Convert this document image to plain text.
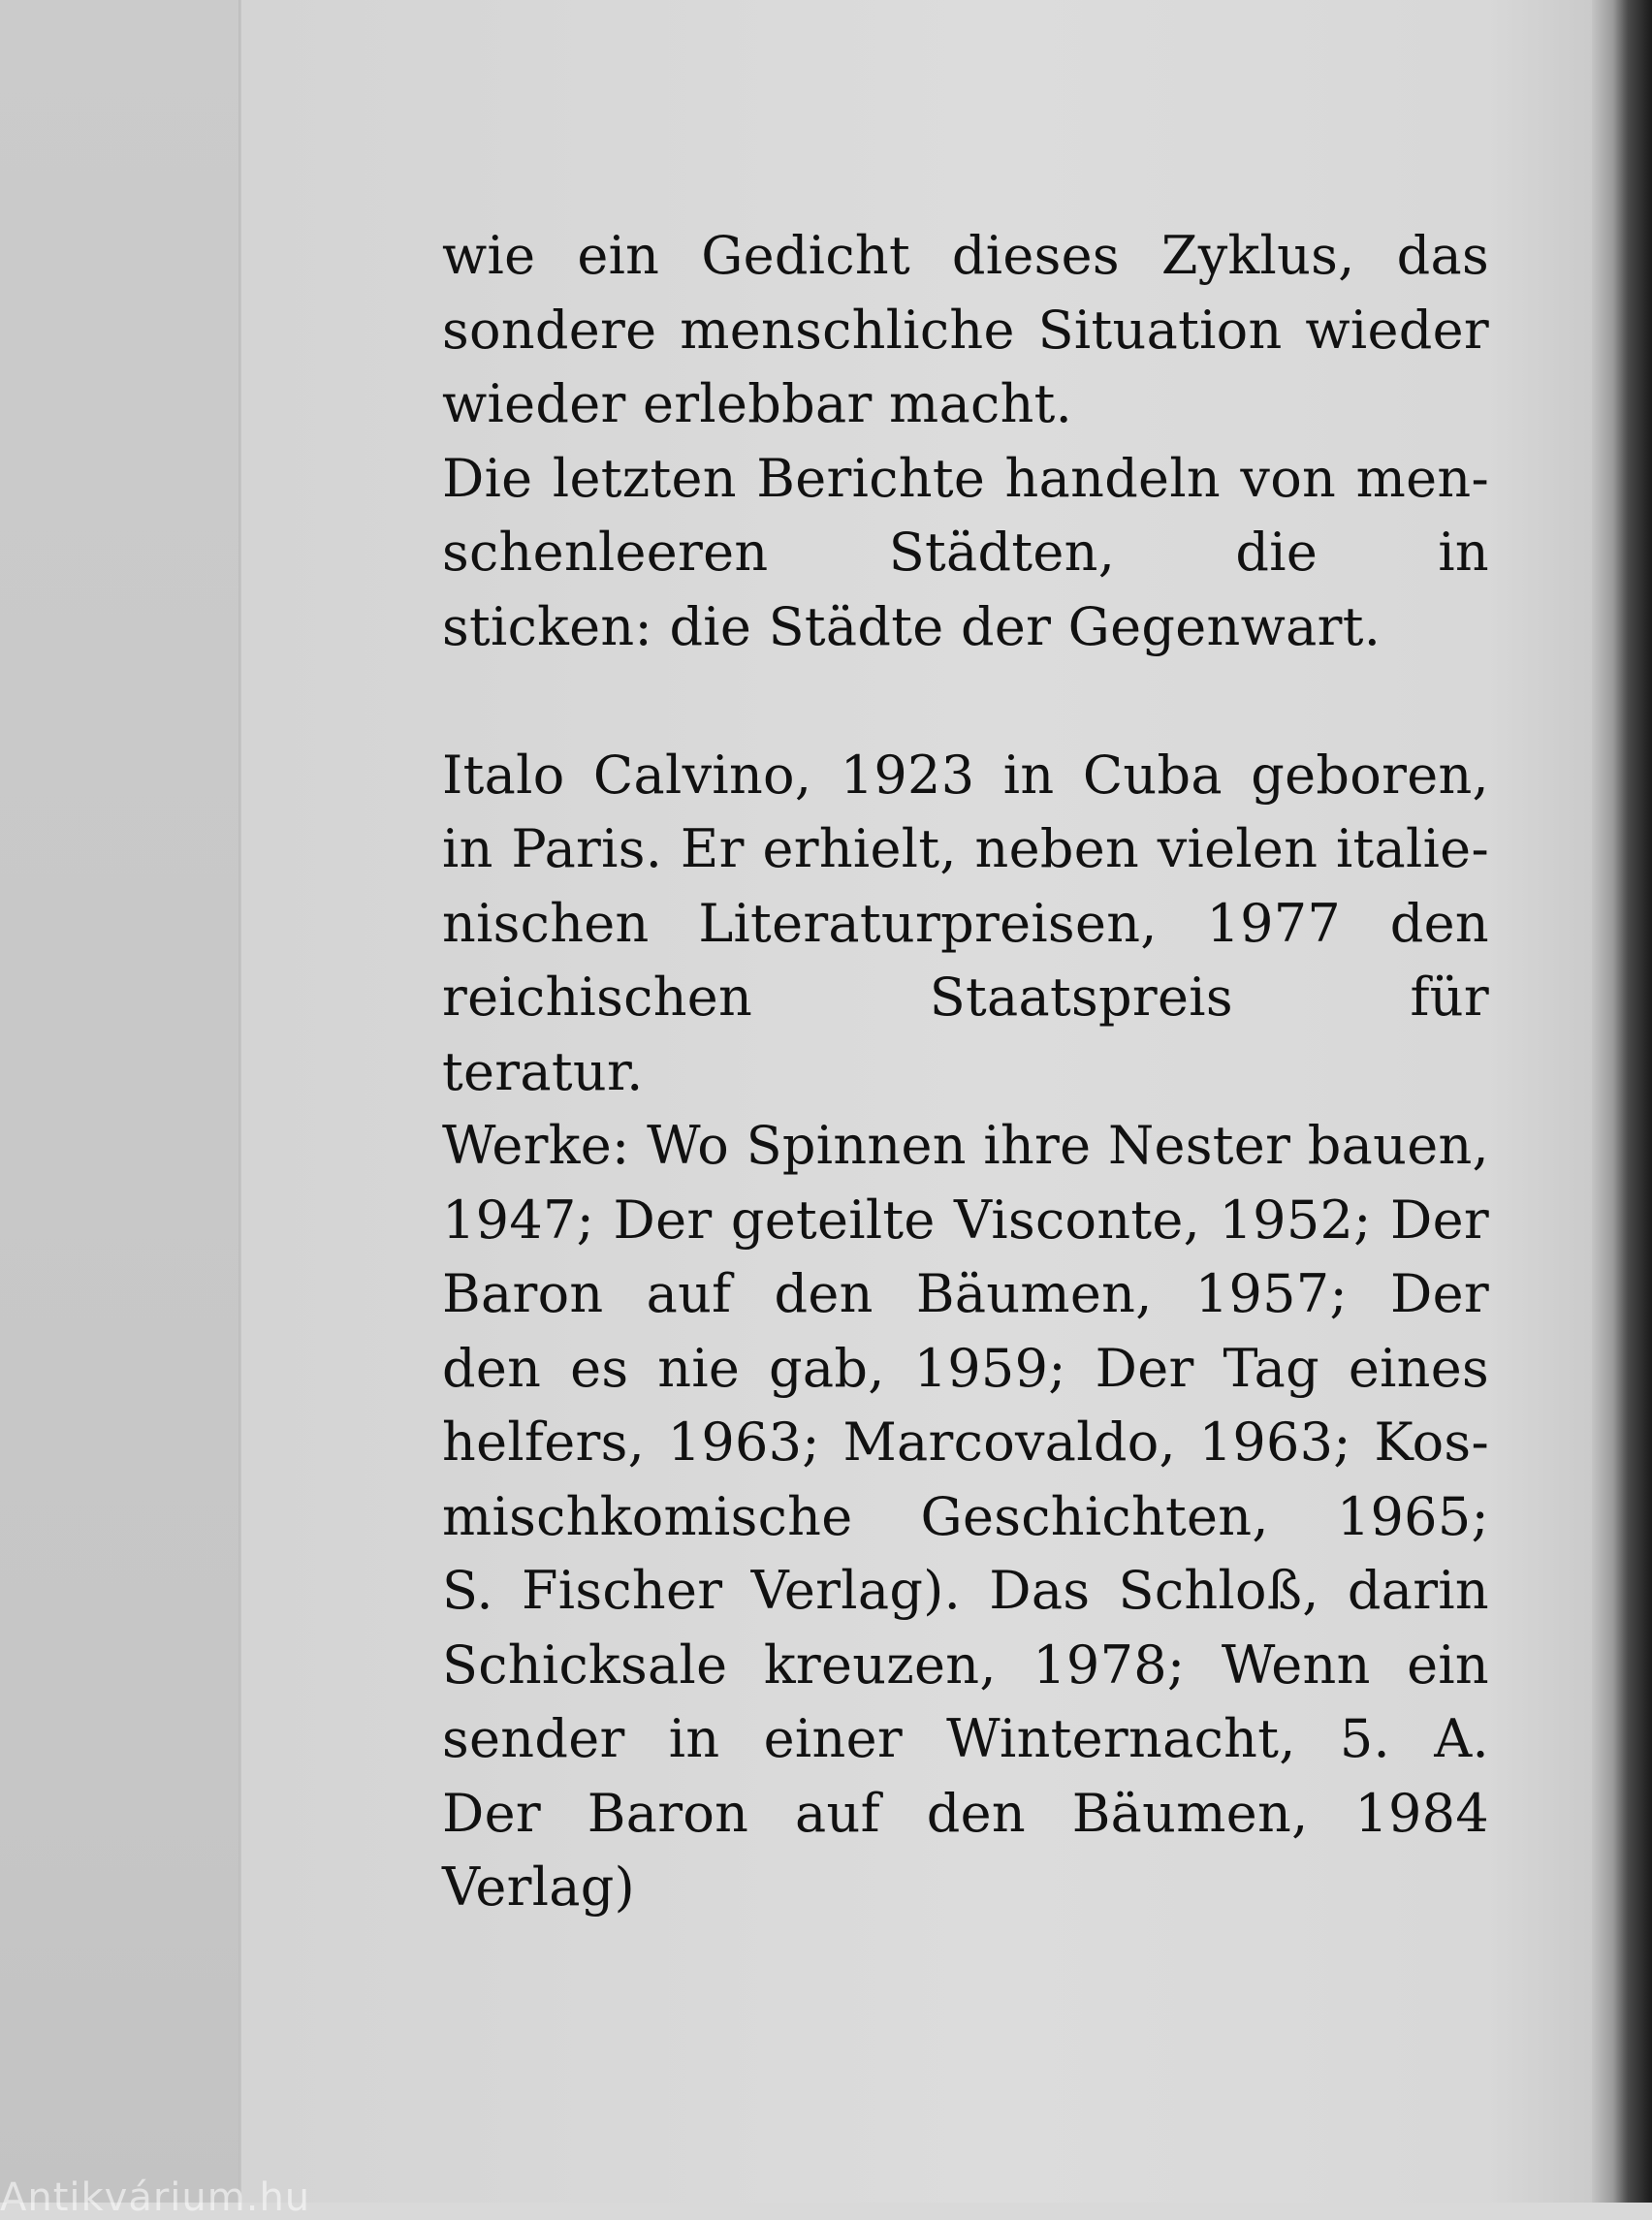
wie ein Gedicht dieses Zyklus, das
sondere menschliche Situation wieder
wieder erlebbar macht.
Die letzten Berichte handeln von men-
schenleeren Städten, die in
sticken: die Städte der Gegenwart.
Italo Calvino, 1923 in Cuba geboren,
in Paris. Er erhielt, neben vielen italie-
nischen Literaturpreisen, 1977 den
reichischen Staatspreis für
teratur.
Werke: Wo Spinnen ihre Nester bauen,
1947; Der geteilte Visconte, 1952; Der
Baron auf den Bäumen, 1957; Der
den es nie gab, 1959; Der Tag eines
helfers, 1963; Marcovaldo, 1963; Kos-
mischkomische Geschichten, 1965;
S. Fischer Verlag). Das Schloß, darin
Schicksale kreuzen, 1978; Wenn ein
sender in einer Winternacht, 5. A.
Der Baron auf den Bäumen, 1984
Verlag)
Antikvárium.hu
